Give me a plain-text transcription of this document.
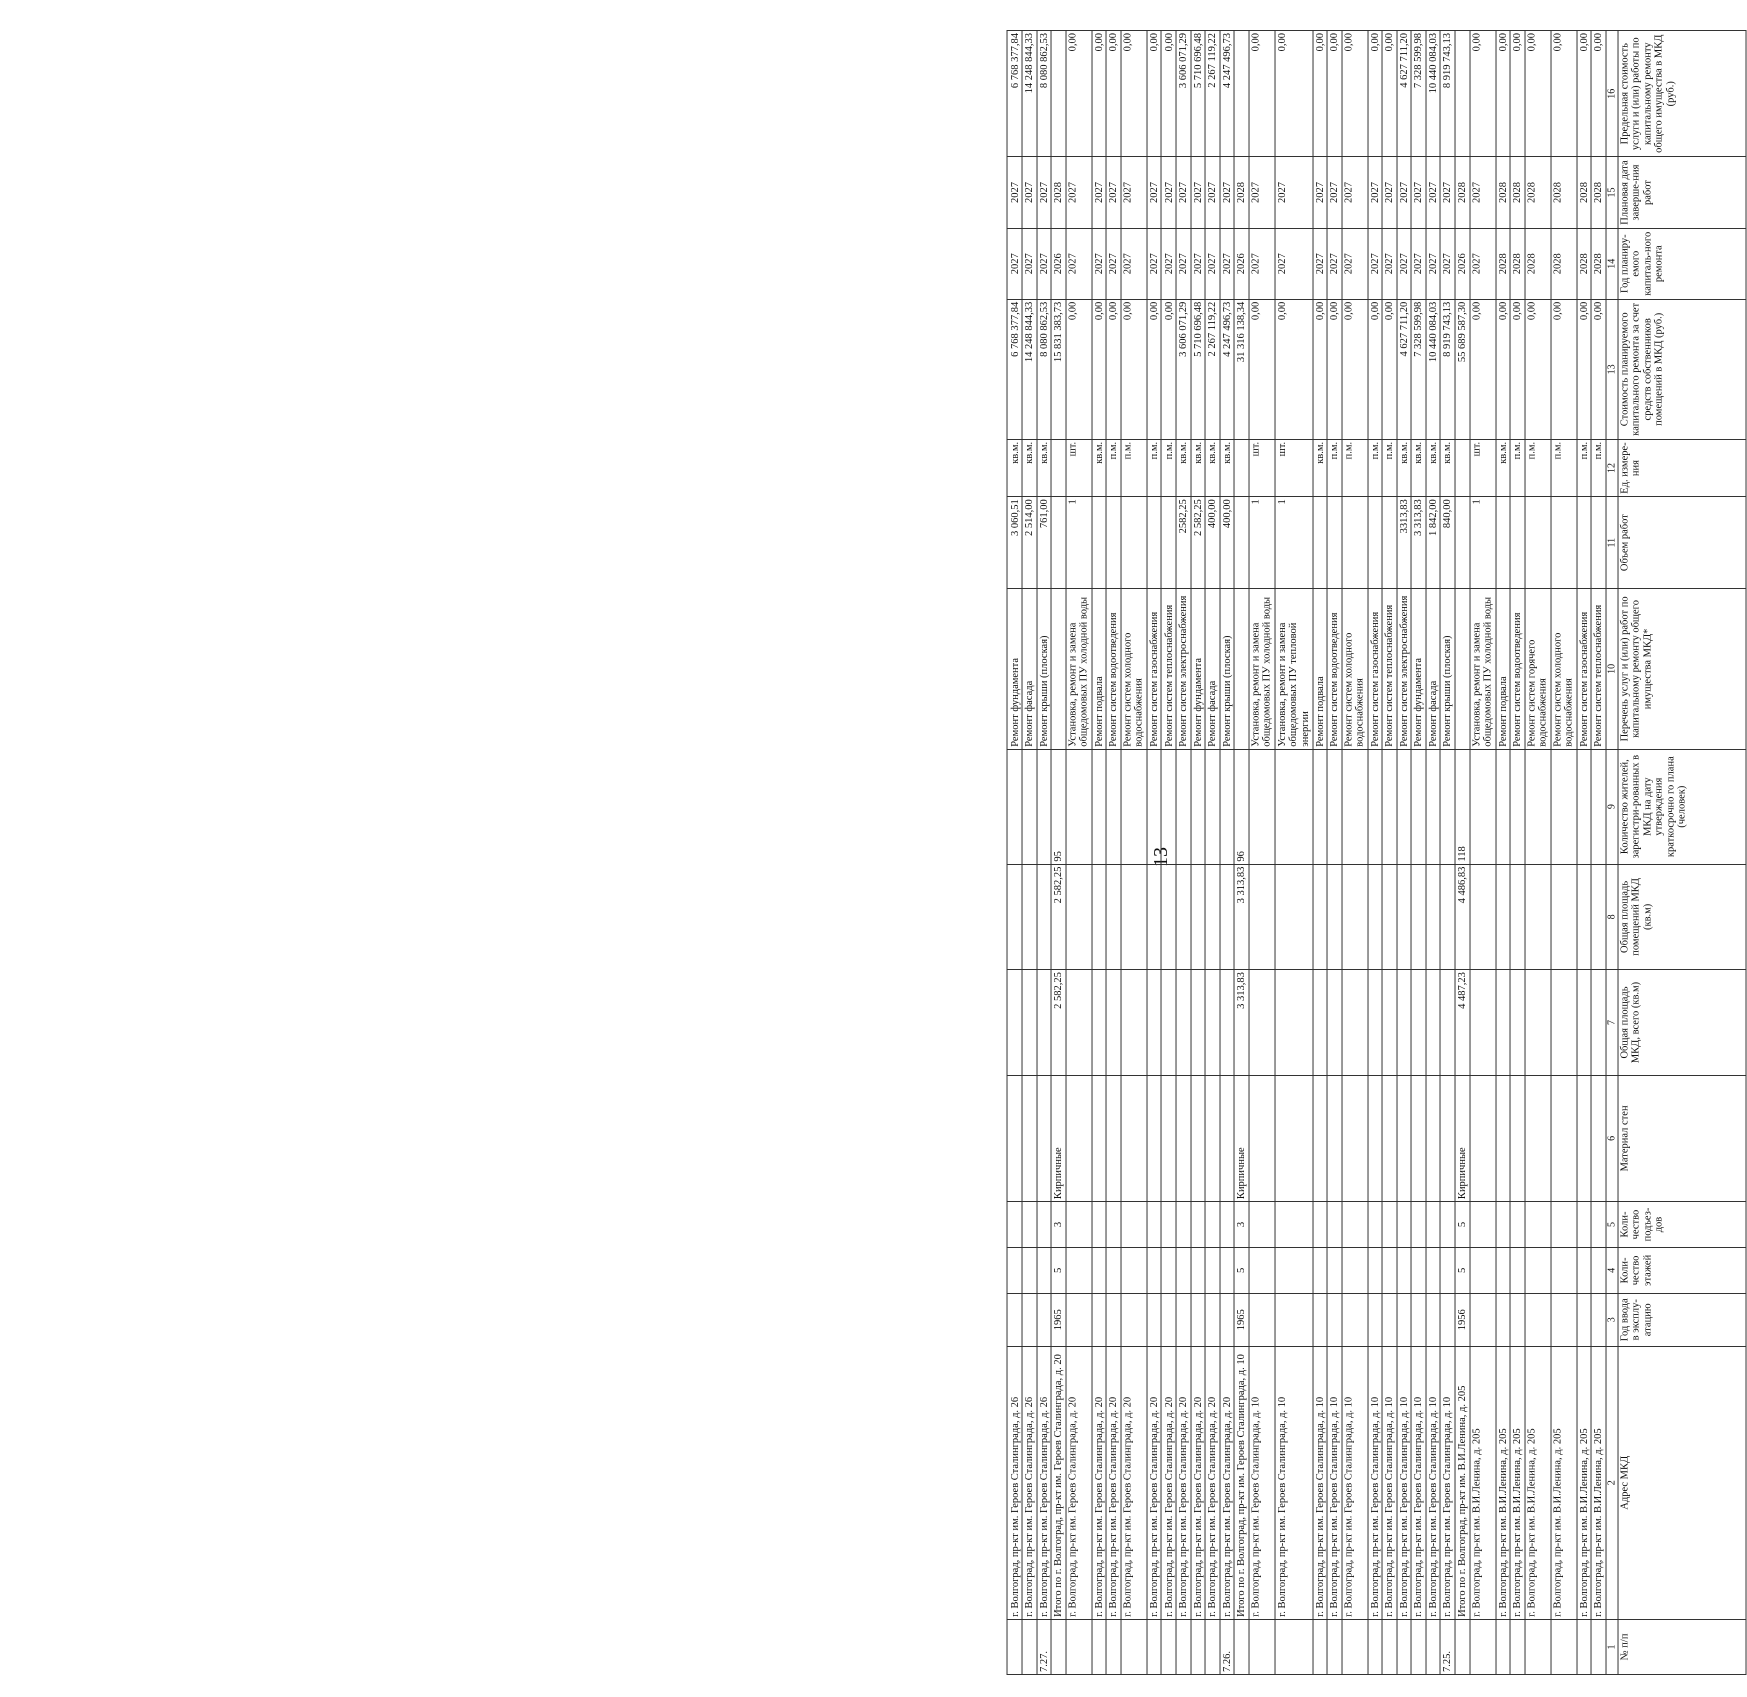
13
№ п/п	Адрес МКД	Год ввода в эксплу-атацию	Коли-чество этажей	Коли-чество подъез-дов	Материал стен	Общая площадь МКД, всего (кв.м)	Общая площадь помещений МКД (кв.м)	Количество жителей, зарегистри-рованных в МКД на дату утверждения краткосрочно го плана (человек)	Перечень услуг и (или) работ по капитальному ремонту общего имущества МКД*	Объем работ	Ед. измере-ния	Стоимость планируемого капитального ремонта за счет средств собственников помещений в МКД (руб.)	Год планиру-емого капиталь-ного ремонта	Плановая дата заверше-ния работ	Предельная стоимость услуги и (или) работы по капитальному ремонту общего имущества в МКД (руб.)
1	2	3	4	5	6	7	8	9	10	11	12	13	14	15	16
	г. Волгоград, пр-кт им. В.И.Ленина, д. 205								Ремонт систем теплоснабжения		п.м.	0,00	2028	2028	0,00
	г. Волгоград, пр-кт им. В.И.Ленина, д. 205								Ремонт систем газоснабжения		п.м.	0,00	2028	2028	0,00
	г. Волгоград, пр-кт им. В.И.Ленина, д. 205								Ремонт систем холодного водоснабжения		п.м.	0,00	2028	2028	0,00
	г. Волгоград, пр-кт им. В.И.Ленина, д. 205								Ремонт систем горячего водоснабжения		п.м.	0,00	2028	2028	0,00
	г. Волгоград, пр-кт им. В.И.Ленина, д. 205								Ремонт систем водоотведения		п.м.	0,00	2028	2028	0,00
	г. Волгоград, пр-кт им. В.И.Ленина, д. 205								Ремонт подвала		кв.м.	0,00	2028	2028	0,00
	г. Волгоград, пр-кт им. В.И.Ленина, д. 205								Установка, ремонт и замена общедомовых ПУ холодной воды	1	шт.	0,00	2027	2027	0,00
	Итого по г. Волгоград, пр-кт им. В.И.Ленина, д. 205	1956	5	5	Кирпичные	4 487,23	4 486,83	118				55 689 587,30	2026	2028	
7.25.	г. Волгоград, пр-кт им. Героев Сталинграда, д. 10								Ремонт крыши (плоская)	840,00	кв.м.	8 919 743,13	2027	2027	8 919 743,13
	г. Волгоград, пр-кт им. Героев Сталинграда, д. 10								Ремонт фасада	1 842,00	кв.м.	10 440 084,03	2027	2027	10 440 084,03
	г. Волгоград, пр-кт им. Героев Сталинграда, д. 10								Ремонт фундамента	3 313,83	кв.м.	7 328 599,98	2027	2027	7 328 599,98
	г. Волгоград, пр-кт им. Героев Сталинграда, д. 10								Ремонт систем электроснабжения	3313,83	кв.м.	4 627 711,20	2027	2027	4 627 711,20
	г. Волгоград, пр-кт им. Героев Сталинграда, д. 10								Ремонт систем теплоснабжения		п.м.	0,00	2027	2027	0,00
	г. Волгоград, пр-кт им. Героев Сталинграда, д. 10								Ремонт систем газоснабжения		п.м.	0,00	2027	2027	0,00
	г. Волгоград, пр-кт им. Героев Сталинграда, д. 10								Ремонт систем холодного водоснабжения		п.м.	0,00	2027	2027	0,00
	г. Волгоград, пр-кт им. Героев Сталинграда, д. 10								Ремонт систем водоотведения		п.м.	0,00	2027	2027	0,00
	г. Волгоград, пр-кт им. Героев Сталинграда, д. 10								Ремонт подвала		кв.м.	0,00	2027	2027	0,00
	г. Волгоград, пр-кт им. Героев Сталинграда, д. 10								Установка, ремонт и замена общедомовых ПУ тепловой энергии	1	шт.	0,00	2027	2027	0,00
	г. Волгоград, пр-кт им. Героев Сталинграда, д. 10								Установка, ремонт и замена общедомовых ПУ холодной воды	1	шт.	0,00	2027	2027	0,00
	Итого по г. Волгоград, пр-кт им. Героев Сталинграда, д. 10	1965	5	3	Кирпичные	3 313,83	3 313,83	96				31 316 138,34	2026	2028	
7.26.	г. Волгоград, пр-кт им. Героев Сталинграда, д. 20								Ремонт крыши (плоская)	400,00	кв.м.	4 247 496,73	2027	2027	4 247 496,73
	г. Волгоград, пр-кт им. Героев Сталинграда, д. 20								Ремонт фасада	400,00	кв.м.	2 267 119,22	2027	2027	2 267 119,22
	г. Волгоград, пр-кт им. Героев Сталинграда, д. 20								Ремонт фундамента	2 582,25	кв.м.	5 710 696,48	2027	2027	5 710 696,48
	г. Волгоград, пр-кт им. Героев Сталинграда, д. 20								Ремонт систем электроснабжения	2582,25	кв.м.	3 606 071,29	2027	2027	3 606 071,29
	г. Волгоград, пр-кт им. Героев Сталинграда, д. 20								Ремонт систем теплоснабжения		п.м.	0,00	2027	2027	0,00
	г. Волгоград, пр-кт им. Героев Сталинграда, д. 20								Ремонт систем газоснабжения		п.м.	0,00	2027	2027	0,00
	г. Волгоград, пр-кт им. Героев Сталинграда, д. 20								Ремонт систем холодного водоснабжения		п.м.	0,00	2027	2027	0,00
	г. Волгоград, пр-кт им. Героев Сталинграда, д. 20								Ремонт систем водоотведения		п.м.	0,00	2027	2027	0,00
	г. Волгоград, пр-кт им. Героев Сталинграда, д. 20								Ремонт подвала		кв.м.	0,00	2027	2027	0,00
	г. Волгоград, пр-кт им. Героев Сталинграда, д. 20								Установка, ремонт и замена общедомовых ПУ холодной воды	1	шт.	0,00	2027	2027	0,00
	Итого по г. Волгоград, пр-кт им. Героев Сталинграда, д. 20	1965	5	3	Кирпичные	2 582,25	2 582,25	95				15 831 383,73	2026	2028	
7.27.	г. Волгоград, пр-кт им. Героев Сталинграда, д. 26								Ремонт крыши (плоская)	761,00	кв.м.	8 080 862,53	2027	2027	8 080 862,53
	г. Волгоград, пр-кт им. Героев Сталинграда, д. 26								Ремонт фасада	2 514,00	кв.м.	14 248 844,33	2027	2027	14 248 844,33
	г. Волгоград, пр-кт им. Героев Сталинграда, д. 26								Ремонт фундамента	3 060,51	кв.м.	6 768 377,84	2027	2027	6 768 377,84
